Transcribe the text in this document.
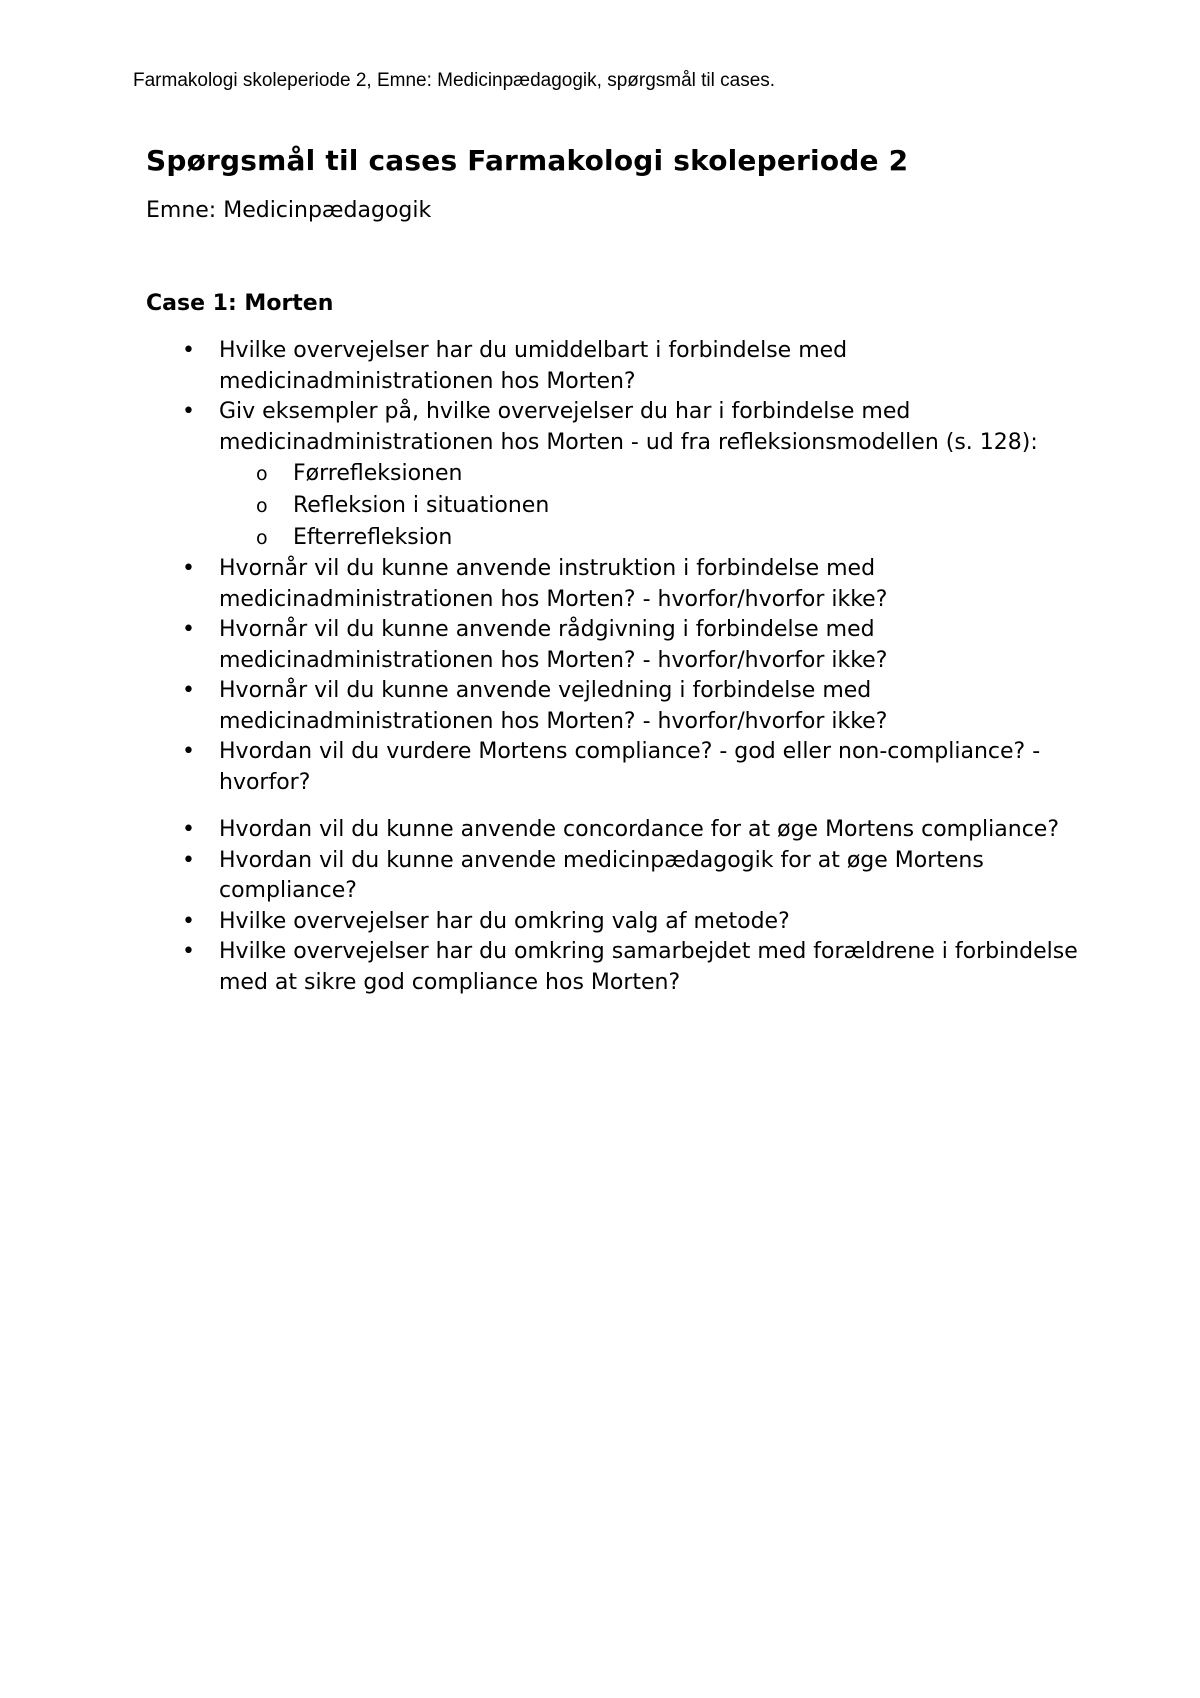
Farmakologi skoleperiode 2, Emne: Medicinpædagogik, spørgsmål til cases.
Spørgsmål til cases Farmakologi skoleperiode 2
Emne: Medicinpædagogik
Case 1: Morten
• Hvilke overvejelser har du umiddelbart i forbindelse med medicinadministrationen hos Morten?
• Giv eksempler på, hvilke overvejelser du har i forbindelse med medicinadministrationen hos Morten - ud fra refleksionsmodellen (s. 128):
o Førrefleksionen
o Refleksion i situationen
o Efterrefleksion
• Hvornår vil du kunne anvende instruktion i forbindelse med medicinadministrationen hos Morten? - hvorfor/hvorfor ikke?
• Hvornår vil du kunne anvende rådgivning i forbindelse med medicinadministrationen hos Morten? - hvorfor/hvorfor ikke?
• Hvornår vil du kunne anvende vejledning i forbindelse med medicinadministrationen hos Morten? - hvorfor/hvorfor ikke?
• Hvordan vil du vurdere Mortens compliance? - god eller non-compliance? - hvorfor?
• Hvordan vil du kunne anvende concordance for at øge Mortens compliance?
• Hvordan vil du kunne anvende medicinpædagogik for at øge Mortens compliance?
• Hvilke overvejelser har du omkring valg af metode?
• Hvilke overvejelser har du omkring samarbejdet med forældrene i forbindelse med at sikre god compliance hos Morten?
